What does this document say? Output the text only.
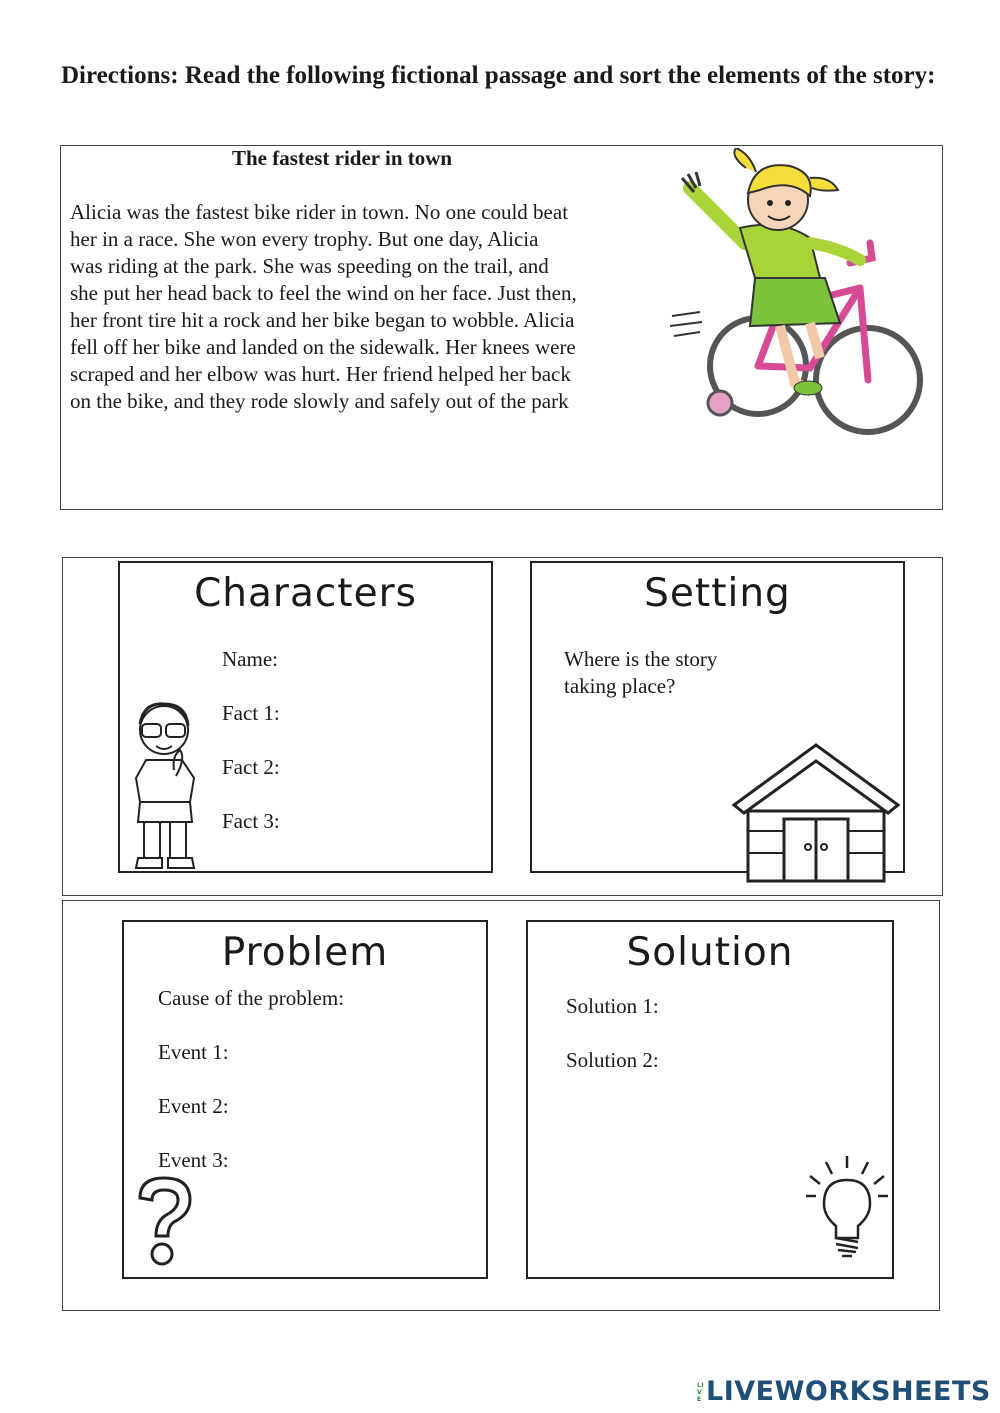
Directions: Read the following fictional passage and sort the elements of the story:
The fastest rider in town
Alicia was the fastest bike rider in town. No one could beat
her in a race. She won every trophy. But one day, Alicia
was riding at the park. She was speeding on the trail, and
she put her head back to feel the wind on her face. Just then,
her front tire hit a rock and her bike began to wobble. Alicia
fell off her bike and landed on the sidewalk. Her knees were
scraped and her elbow was hurt. Her friend helped her back
on the bike, and they rode slowly and safely out of the park
Characters
Name:
Fact 1:
Fact 2:
Fact 3:
Setting
Where is the story
taking place?
Problem
Cause of the problem:
Event 1:
Event 2:
Event 3:
Solution
Solution 1:
Solution 2:
LIVE LIVEWORKSHEETS
